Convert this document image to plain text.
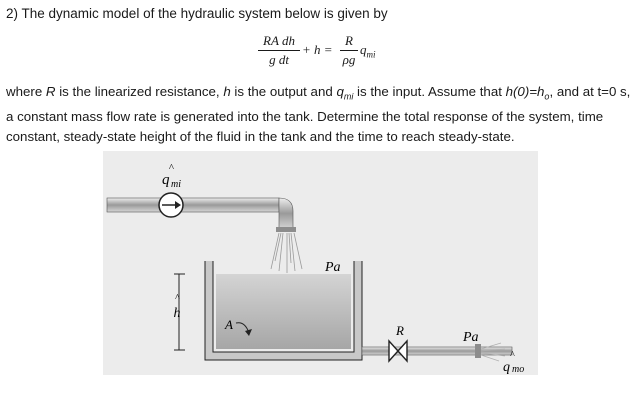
2) The dynamic model of the hydraulic system below is given by
RA dh
g dt
+ h =
R
ρg
$q_{mi}$
where R is the linearized resistance, h is the output and $q_{mi}$ is the input. Assume that $h(0)=h_o$, and at t=0 s, a constant mass flow rate is generated into the tank. Determine the total response of the system, time constant, steady-state height of the fluid in the tank and the time to reach steady-state.
^
q mi
^
h
Pa
A	R	Pa
^
q mo
